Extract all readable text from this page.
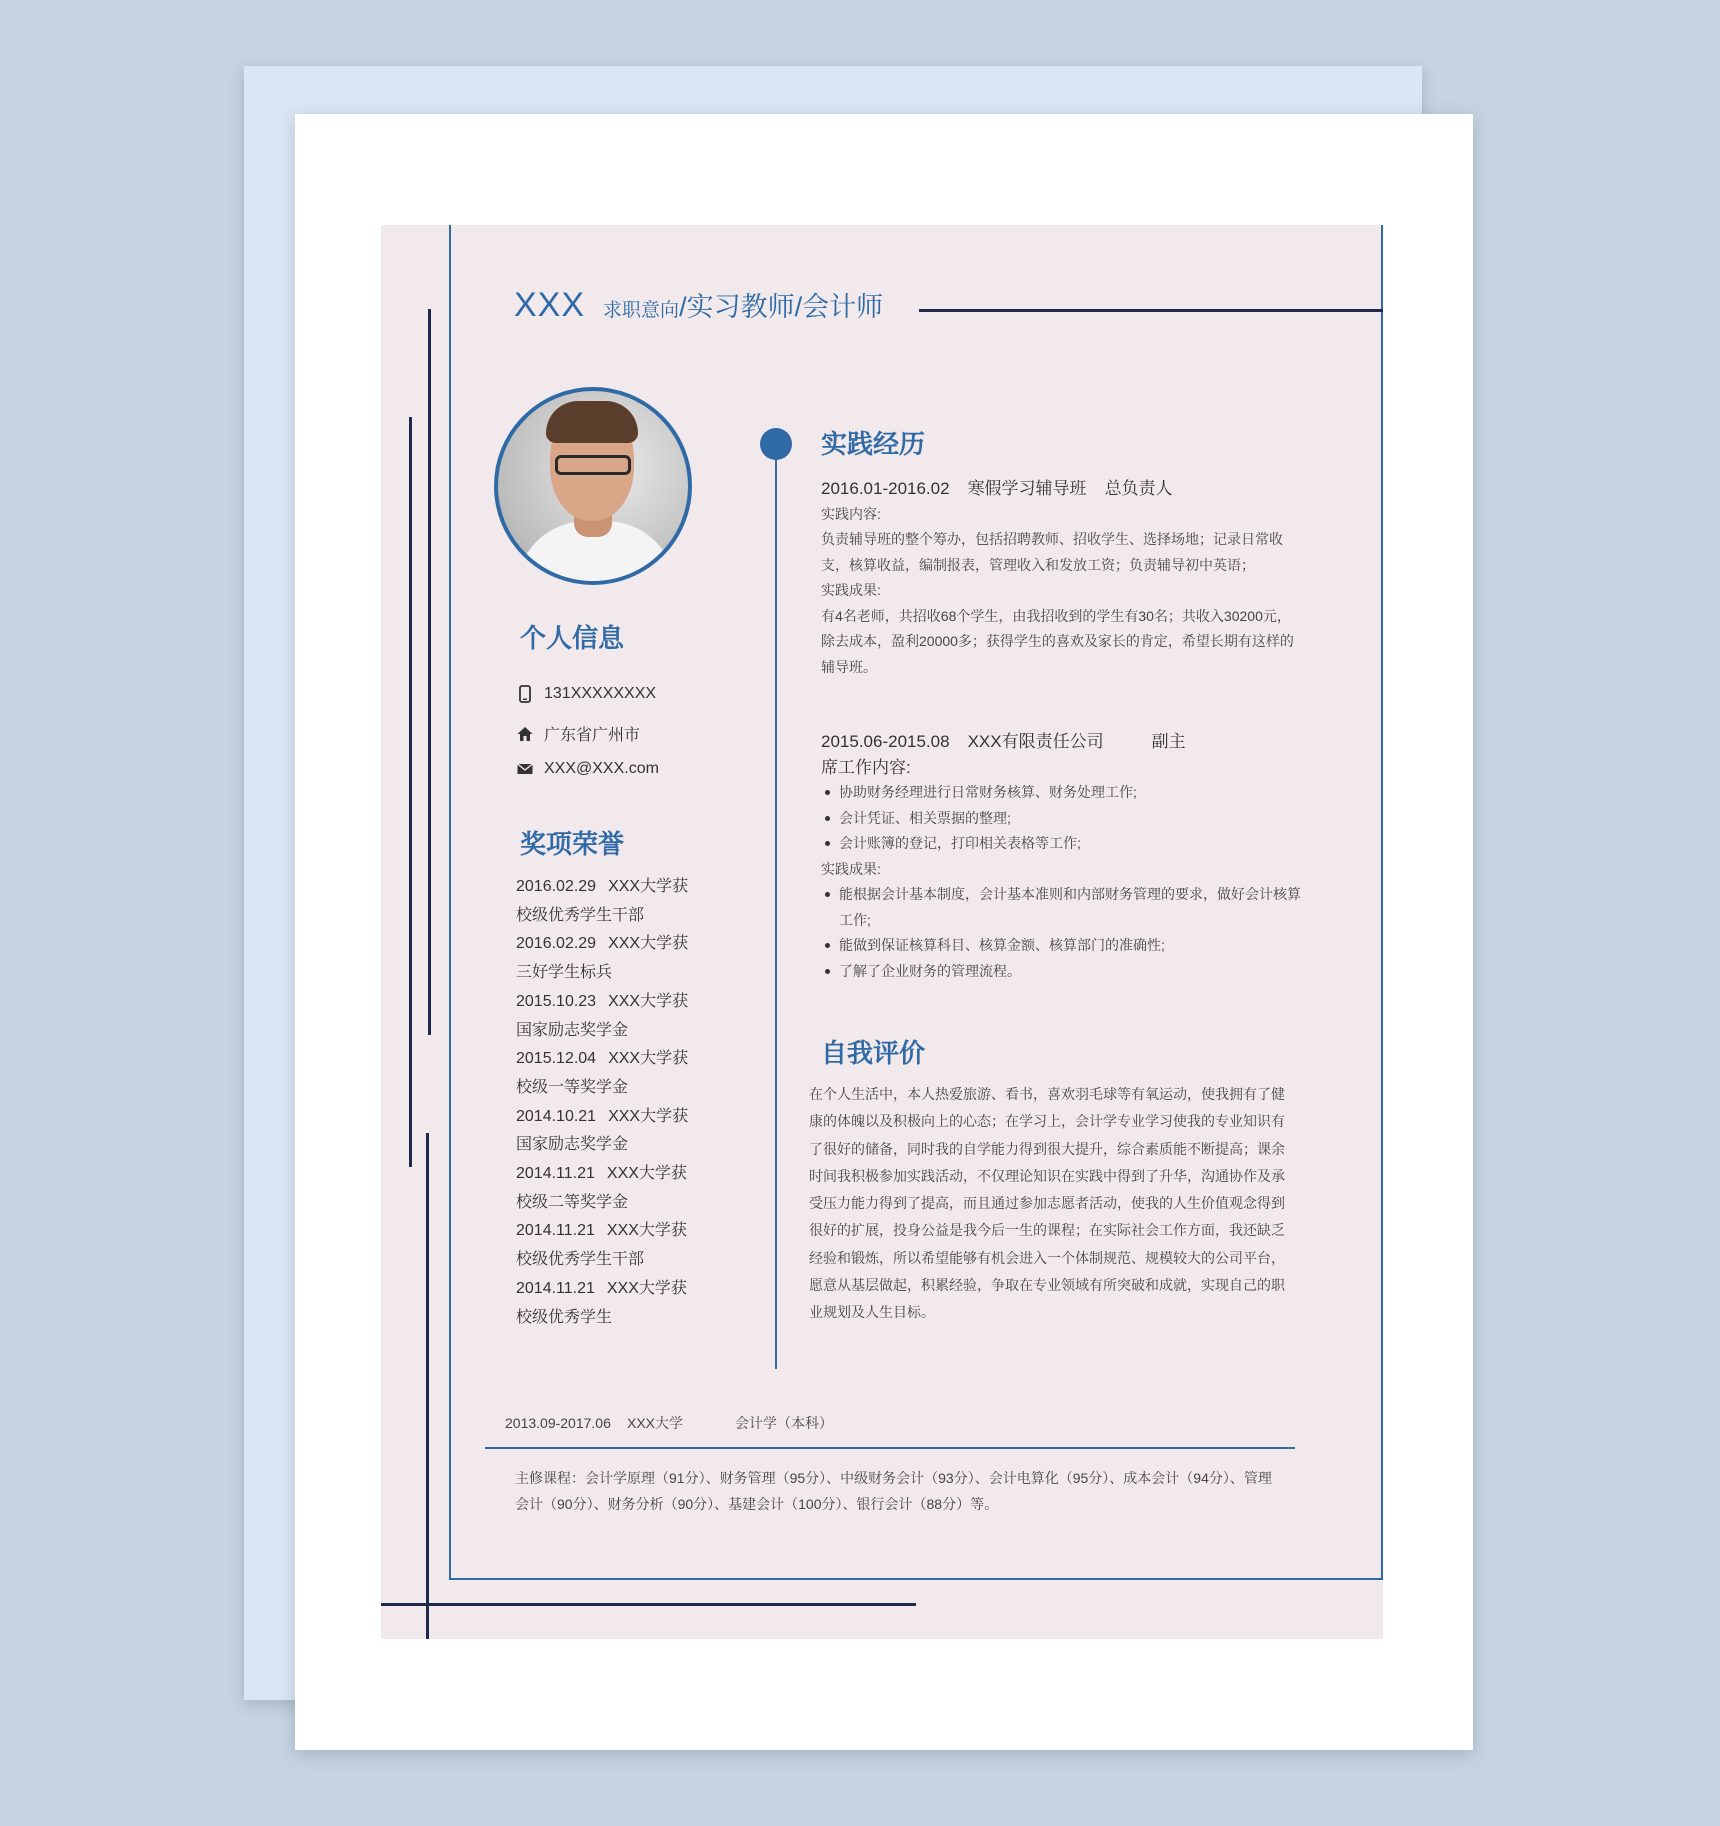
XXX 求职意向 /实习教师/会计师
个人信息
131XXXXXXXX
广东省广州市
XXX@XXX.com
奖项荣誉
2016.02.29 XXX大学获
校级优秀学生干部
2016.02.29 XXX大学获
三好学生标兵
2015.10.23 XXX大学获
国家励志奖学金
2015.12.04 XXX大学获
校级一等奖学金
2014.10.21 XXX大学获
国家励志奖学金
2014.11.21 XXX大学获
校级二等奖学金
2014.11.21 XXX大学获
校级优秀学生干部
2014.11.21 XXX大学获
校级优秀学生
实践经历
2016.01-2016.02 寒假学习辅导班 总负责人
实践内容:
负责辅导班的整个筹办，包括招聘教师、招收学生、选择场地；记录日常收支，核算收益，编制报表，管理收入和发放工资；负责辅导初中英语；
实践成果:
有4名老师，共招收68个学生，由我招收到的学生有30名；共收入30200元，除去成本，盈利20000多；获得学生的喜欢及家长的肯定，希望长期有这样的辅导班。
2015.06-2015.08 XXX有限责任公司	副主
席工作内容:
协助财务经理进行日常财务核算、财务处理工作;
会计凭证、相关票据的整理;
会计账簿的登记，打印相关表格等工作;
实践成果:
能根据会计基本制度，会计基本准则和内部财务管理的要求，做好会计核算工作;
能做到保证核算科目、核算金额、核算部门的准确性;
了解了企业财务的管理流程。
自我评价
在个人生活中，本人热爱旅游、看书，喜欢羽毛球等有氧运动，使我拥有了健康的体魄以及积极向上的心态；在学习上，会计学专业学习使我的专业知识有了很好的储备，同时我的自学能力得到很大提升，综合素质能不断提高；课余时间我积极参加实践活动，不仅理论知识在实践中得到了升华，沟通协作及承受压力能力得到了提高，而且通过参加志愿者活动，使我的人生价值观念得到很好的扩展，投身公益是我今后一生的课程；在实际社会工作方面，我还缺乏经验和锻炼，所以希望能够有机会进入一个体制规范、规模较大的公司平台，愿意从基层做起，积累经验，争取在专业领域有所突破和成就，实现自己的职业规划及人生目标。
2013.09-2017.06 XXX大学	会计学（本科）
主修课程：会计学原理（91分）、财务管理（95分）、中级财务会计（93分）、会计电算化（95分）、成本会计（94分）、管理会计（90分）、财务分析（90分）、基建会计（100分）、银行会计（88分）等。
